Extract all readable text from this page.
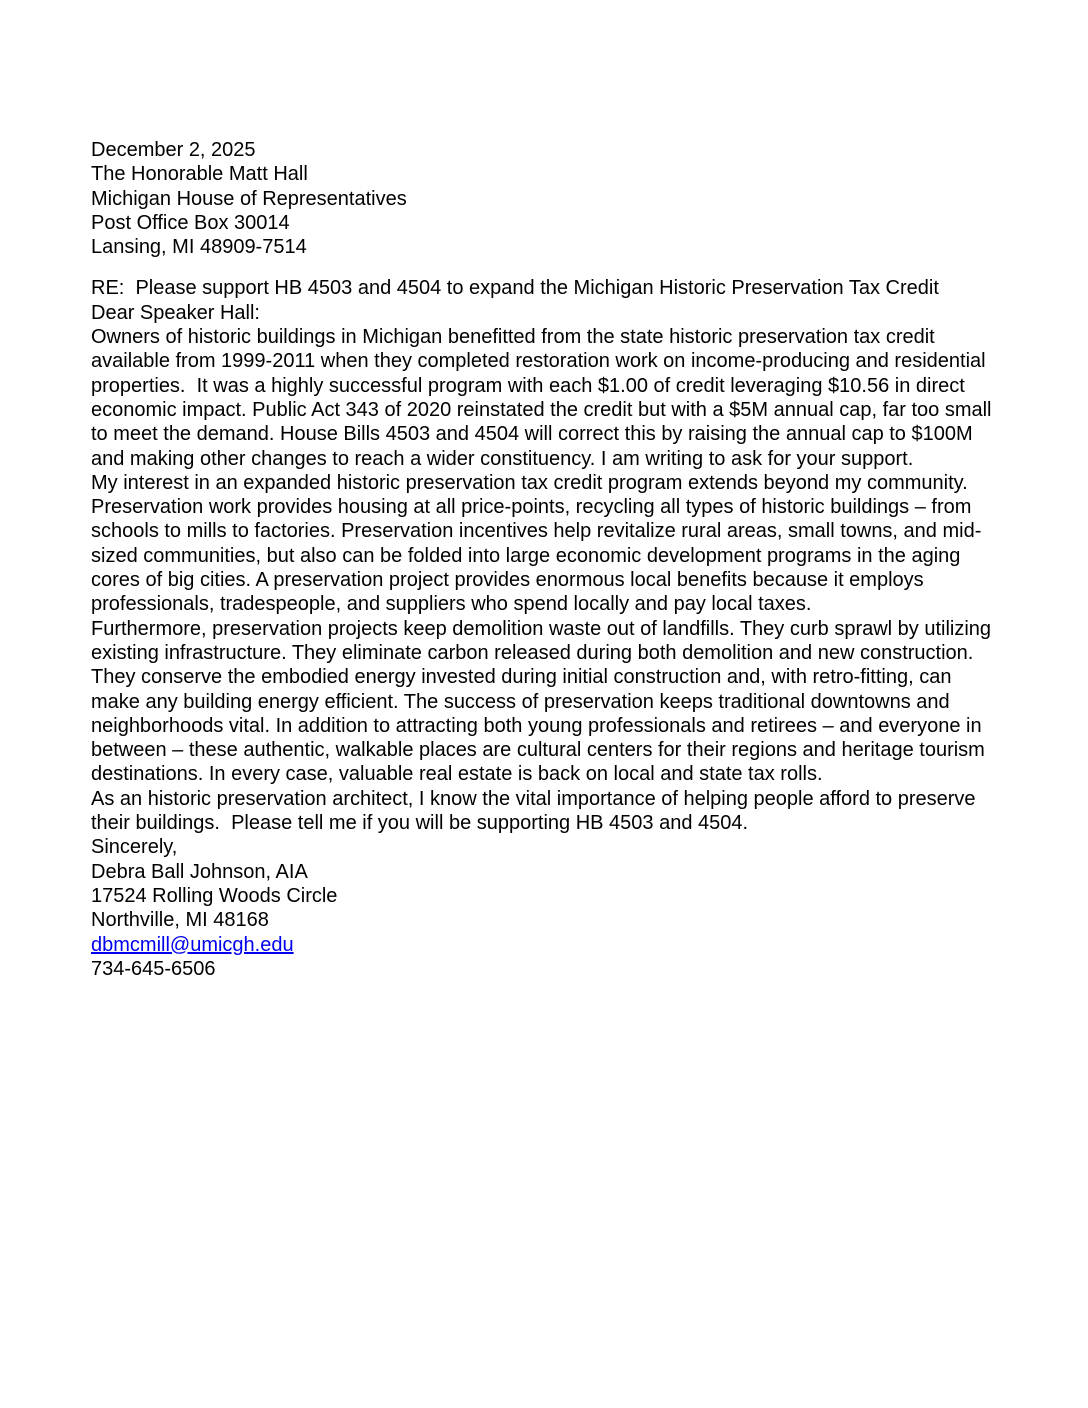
December 2, 2025

The Honorable Matt Hall

Michigan House of Representatives

Post Office Box 30014

Lansing, MI 48909-7514

RE:  Please support HB 4503 and 4504 to expand the Michigan Historic Preservation Tax Credit

Dear Speaker Hall:

Owners of historic buildings in Michigan benefitted from the state historic preservation tax credit available from 1999-2011 when they completed restoration work on income-producing and residential properties.  It was a highly successful program with each $1.00 of credit leveraging $10.56 in direct economic impact. Public Act 343 of 2020 reinstated the credit but with a $5M annual cap, far too small to meet the demand. House Bills 4503 and 4504 will correct this by raising the annual cap to $100M and making other changes to reach a wider constituency. I am writing to ask for your support.

My interest in an expanded historic preservation tax credit program extends beyond my community. Preservation work provides housing at all price-points, recycling all types of historic buildings – from schools to mills to factories. Preservation incentives help revitalize rural areas, small towns, and mid-sized communities, but also can be folded into large economic development programs in the aging cores of big cities. A preservation project provides enormous local benefits because it employs professionals, tradespeople, and suppliers who spend locally and pay local taxes.

Furthermore, preservation projects keep demolition waste out of landfills. They curb sprawl by utilizing existing infrastructure. They eliminate carbon released during both demolition and new construction. They conserve the embodied energy invested during initial construction and, with retro-fitting, can make any building energy efficient. The success of preservation keeps traditional downtowns and neighborhoods vital. In addition to attracting both young professionals and retirees – and everyone in between – these authentic, walkable places are cultural centers for their regions and heritage tourism destinations. In every case, valuable real estate is back on local and state tax rolls.

As an historic preservation architect, I know the vital importance of helping people afford to preserve their buildings.  Please tell me if you will be supporting HB 4503 and 4504.

Sincerely,

Debra Ball Johnson, AIA

17524 Rolling Woods Circle

Northville, MI 48168

dbmcmill@umicgh.edu

734-645-6506
